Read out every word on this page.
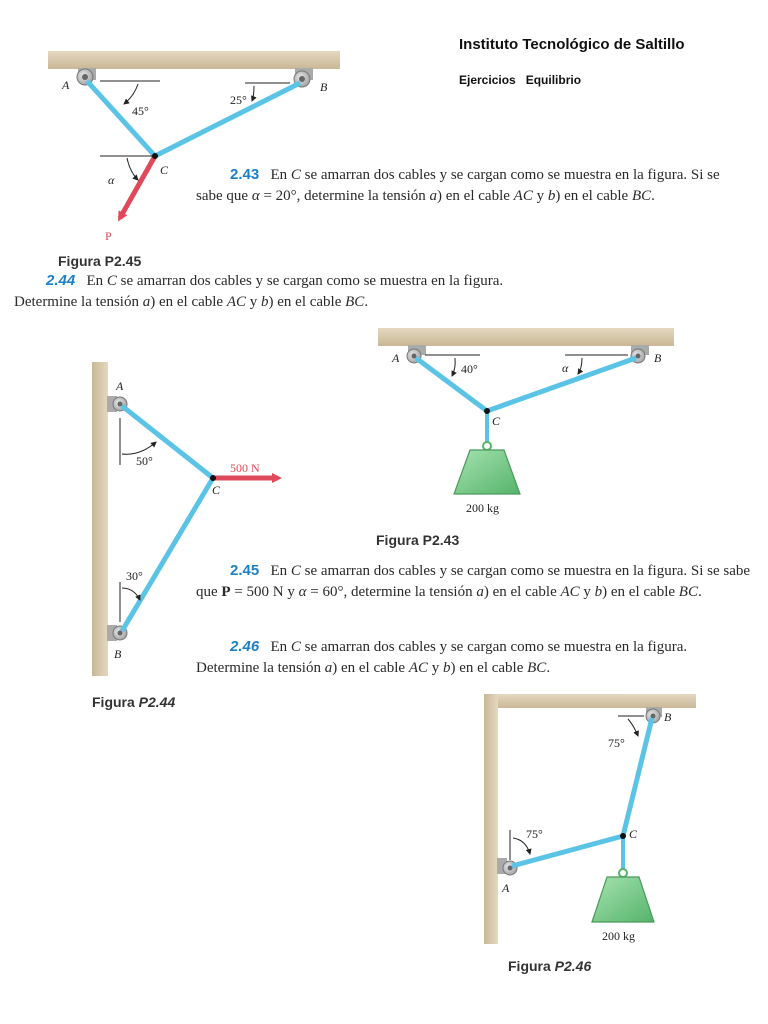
Instituto Tecnológico de Saltillo
Ejercicios   Equilibrio
A	B
C
P
45°
25°
α
Figura P2.45
2.43 En C se amarran dos cables y se cargan como se muestra en la figura. Si se sabe que α = 20°, determine la tensión a) en el cable AC y b) en el cable BC.
2.44 En C se amarran dos cables y se cargan como se muestra en la figura. Determine la tensión a) en el cable AC y b) en el cable BC.
A	B
C
40°	α
200 kg
Figura P2.43
A
B
C
50°
30°
500 N
Figura P2.44
2.45 En C se amarran dos cables y se cargan como se muestra en la figura. Si se sabe que P = 500 N y α = 60°, determine la tensión a) en el cable AC y b) en el cable BC.
2.46 En C se amarran dos cables y se cargan como se muestra en la figura. Determine la tensión a) en el cable AC y b) en el cable BC.
B
A
C
75°
75°
200 kg
Figura P2.46
